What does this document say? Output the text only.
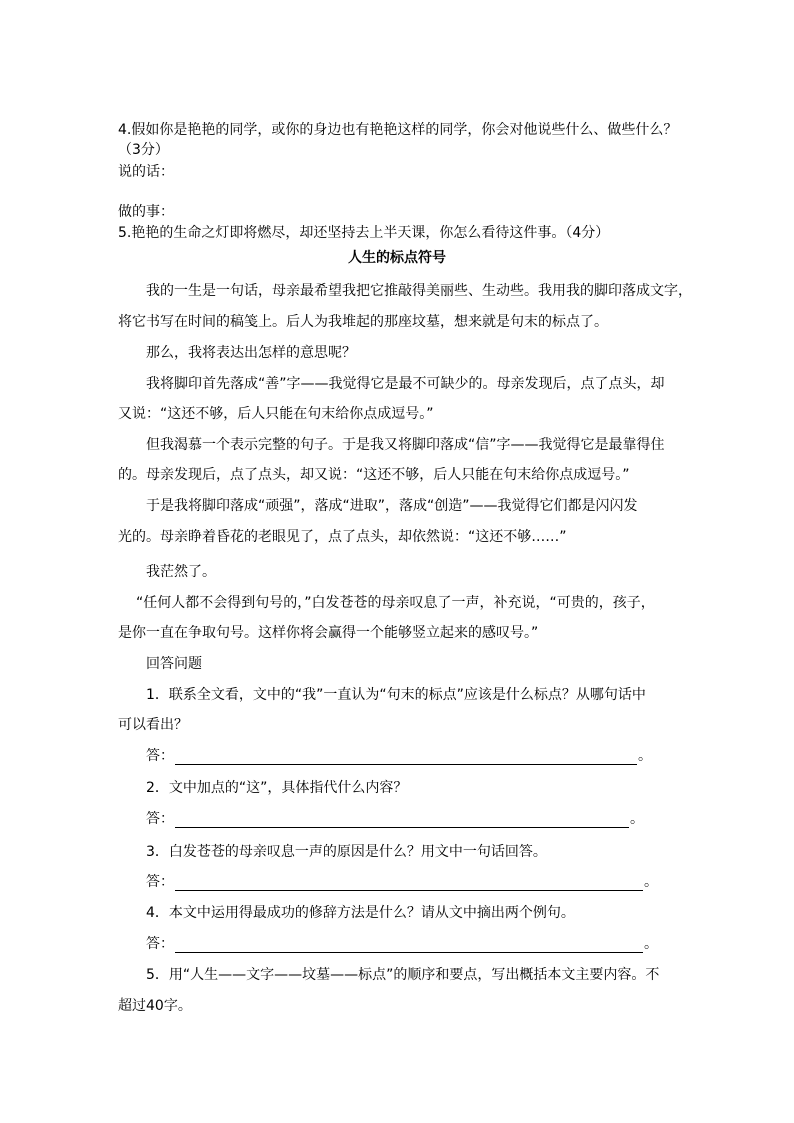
4.假如你是艳艳的同学，或你的身边也有艳艳这样的同学，你会对他说些什么、做些什么？
（3分）
说的话：
做的事：
5.艳艳的生命之灯即将燃尽，却还坚持去上半天课，你怎么看待这件事。（4分）
人生的标点符号
我的一生是一句话，母亲最希望我把它推敲得美丽些、生动些。我用我的脚印落成文字，
将它书写在时间的稿笺上。后人为我堆起的那座坟墓，想来就是句末的标点了。
那么，我将表达出怎样的意思呢？
我将脚印首先落成“善”字——我觉得它是最不可缺少的。母亲发现后，点了点头，却
又说：“这还不够，后人只能在句末给你点成逗号。”
但我渴慕一个表示完整的句子。于是我又将脚印落成“信”字——我觉得它是最靠得住
的。母亲发现后，点了点头，却又说：“这还不够，后人只能在句末给你点成逗号。”
于是我将脚印落成“顽强”，落成“进取”，落成“创造”——我觉得它们都是闪闪发
光的。母亲睁着昏花的老眼见了，点了点头，却依然说：“这还不够……”
我茫然了。
“任何人都不会得到句号的，”白发苍苍的母亲叹息了一声，补充说，“可贵的，孩子，
是你一直在争取句号。这样你将会赢得一个能够竖立起来的感叹号。”
回答问题
1．联系全文看，文中的“我”一直认为“句末的标点”应该是什么标点？从哪句话中
可以看出？
答：	。
2．文中加点的“这”，具体指代什么内容？
答：	。
3．白发苍苍的母亲叹息一声的原因是什么？用文中一句话回答。
答：	。
4．本文中运用得最成功的修辞方法是什么？请从文中摘出两个例句。
答：	。
5．用“人生——文字——坟墓——标点”的顺序和要点，写出概括本文主要内容。不
超过40字。
